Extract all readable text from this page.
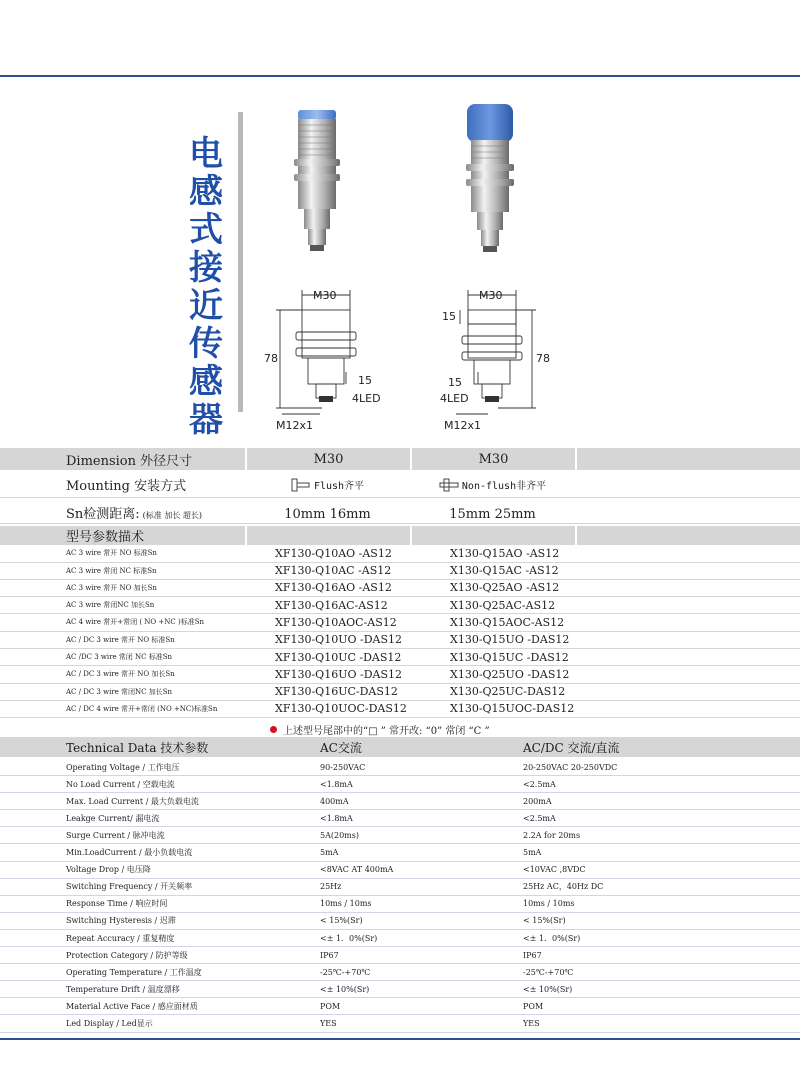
电
感
式
接
近
传
感
器
M30
78
15
4LED
M12x1
M30
15
78
15
4LED
M12x1
Dimension 外径尺寸	M30	M30
Mounting 安装方式	Flush齐平	Non-flush非齐平
Sn检测距离: (标准 加长 超长)	10mm 16mm	15mm 25mm
型号参数描术
AC 3 wire 常开 NO 标准Sn	XF130-Q10AO -AS12	X130-Q15AO -AS12
AC 3 wire 常闭 NC 标准Sn	XF130-Q10AC -AS12	X130-Q15AC -AS12
AC 3 wire 常开 NO 加长Sn	XF130-Q16AO -AS12	X130-Q25AO -AS12
AC 3 wire 常闭NC 加长Sn	XF130-Q16AC-AS12	X130-Q25AC-AS12
AC 4 wire 常开+常闭 ( NO +NC )标准Sn	XF130-Q10AOC-AS12	X130-Q15AOC-AS12
AC / DC 3 wire 常开 NO 标准Sn	XF130-Q10UO -DAS12	X130-Q15UO -DAS12
AC /DC 3 wire 常闭 NC 标准Sn	XF130-Q10UC -DAS12	X130-Q15UC -DAS12
AC / DC 3 wire 常开 NO 加长Sn	XF130-Q16UO -DAS12	X130-Q25UO -DAS12
AC / DC 3 wire 常闭NC 加长Sn	XF130-Q16UC-DAS12	X130-Q25UC-DAS12
AC / DC 4 wire 常开+常闭 (NO +NC)标准Sn	XF130-Q10UOC-DAS12	X130-Q15UOC-DAS12
上述型号尾部中的“□ ” 常开改: “0” 常闭 “C ”
Technical Data 技术参数	AC交流	AC/DC 交流/直流
Operating Voltage / 工作电压	90-250VAC	20-250VAC 20-250VDC
No Load Current / 空载电流	<1.8mA	<2.5mA
Max. Load Current / 最大负载电流	400mA	200mA
Leakge Current/ 漏电流	<1.8mA	<2.5mA
Surge Current / 脉冲电流	5A(20ms)	2.2A for 20ms
Min.LoadCurrent / 最小负载电流	5mA	5mA
Voltage Drop / 电压降	<8VAC AT 400mA	<10VAC ,8VDC
Switching Frequency / 开关频率	25Hz	25Hz AC，40Hz DC
Response Time / 响应时间	10ms / 10ms	10ms / 10ms
Switching Hysteresis / 迟滞	< 15%(Sr)	< 15%(Sr)
Repeat Accuracy / 重复精度	<± 1．0%(Sr)	<± 1．0%(Sr)
Protection Category / 防护等级	IP67	IP67
Operating Temperature / 工作温度	-25℃-+70℃	-25℃-+70℃
Temperature Drift / 温度漂移	<± 10%(Sr)	<± 10%(Sr)
Material Active Face / 感应面材质	POM	POM
Led Display / Led显示	YES	YES
